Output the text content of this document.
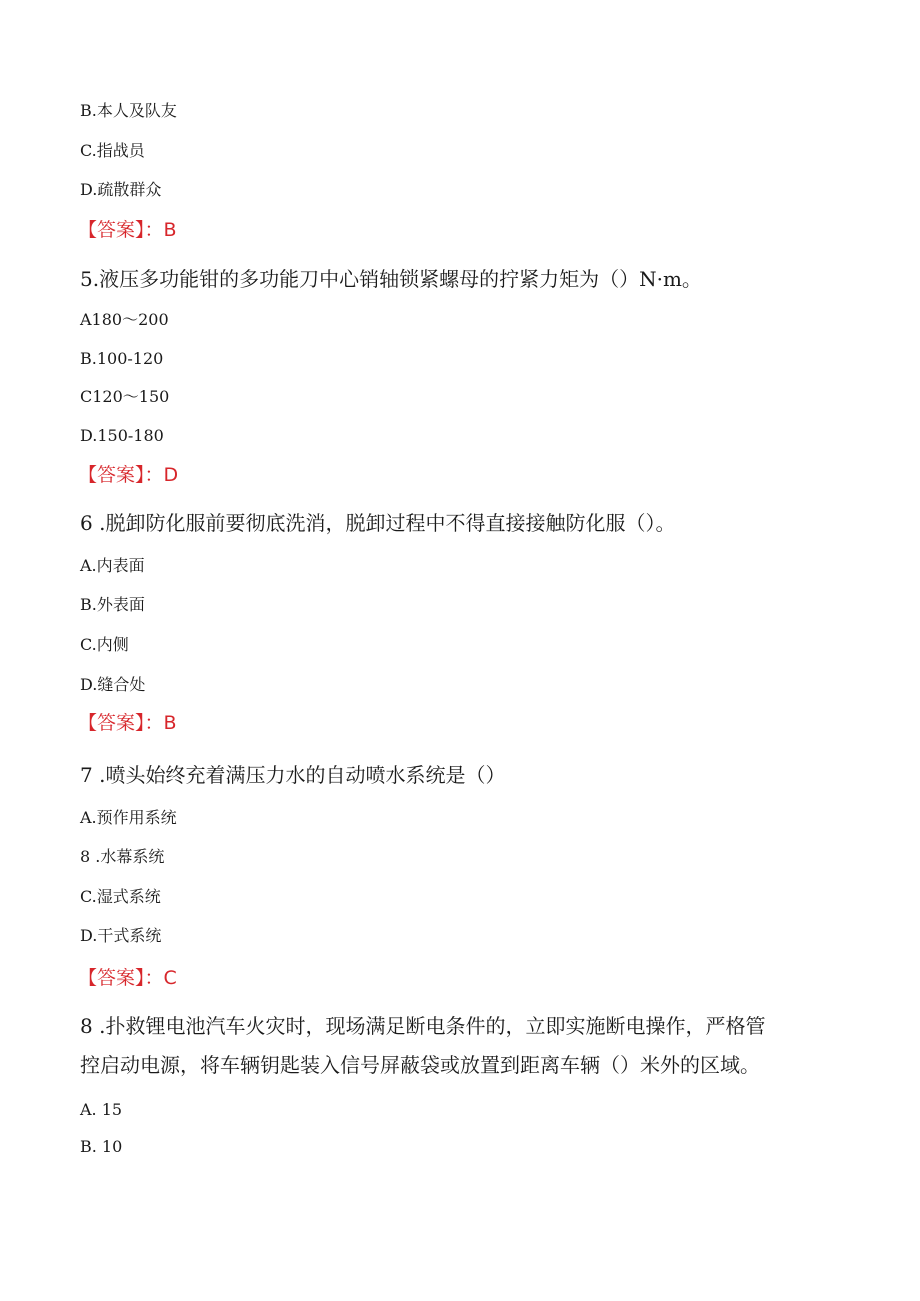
B.本人及队友
C.指战员
D.疏散群众
【答案】：B
5.液压多功能钳的多功能刀中心销轴锁紧螺母的拧紧力矩为（）N·m。
A180～200
B.100-120
C120～150
D.150-180
【答案】：D
6 .脱卸防化服前要彻底洗消，脱卸过程中不得直接接触防化服（）。
A.内表面
B.外表面
C.内侧
D.缝合处
【答案】：B
7 .喷头始终充着满压力水的自动喷水系统是（）
A.预作用系统
8 .水幕系统
C.湿式系统
D.干式系统
【答案】：C
8 .扑救锂电池汽车火灾时，现场满足断电条件的，立即实施断电操作，严格管
控启动电源，将车辆钥匙装入信号屏蔽袋或放置到距离车辆（）米外的区域。
A. 15
B. 10
